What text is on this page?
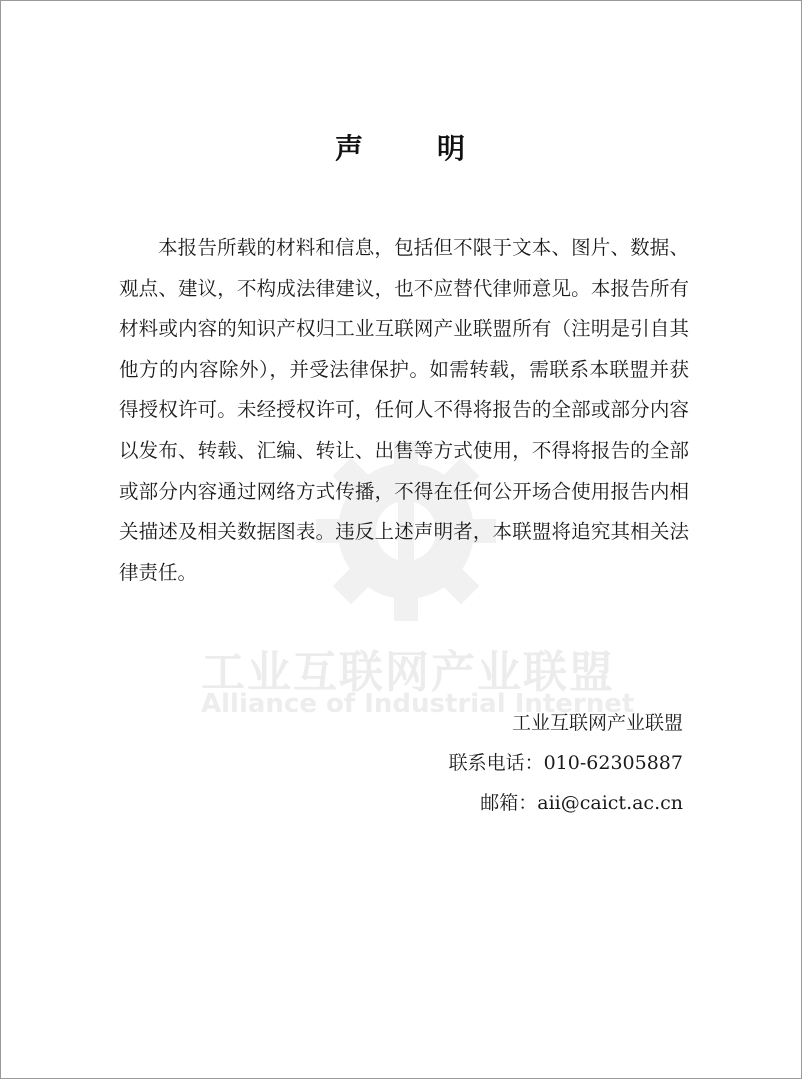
工业互联网产业联盟
Alliance of Industrial Internet
声	明

本报告所载的材料和信息，包括但不限于文本、图片、数据、观点、建议，不构成法律建议，也不应替代律师意见。本报告所有材料或内容的知识产权归工业互联网产业联盟所有（注明是引自其他方的内容除外），并受法律保护。如需转载，需联系本联盟并获得授权许可。未经授权许可，任何人不得将报告的全部或部分内容以发布、转载、汇编、转让、出售等方式使用，不得将报告的全部或部分内容通过网络方式传播，不得在任何公开场合使用报告内相关描述及相关数据图表。违反上述声明者，本联盟将追究其相关法律责任。

工业互联网产业联盟
联系电话：010-62305887
邮箱：aii@caict.ac.cn
